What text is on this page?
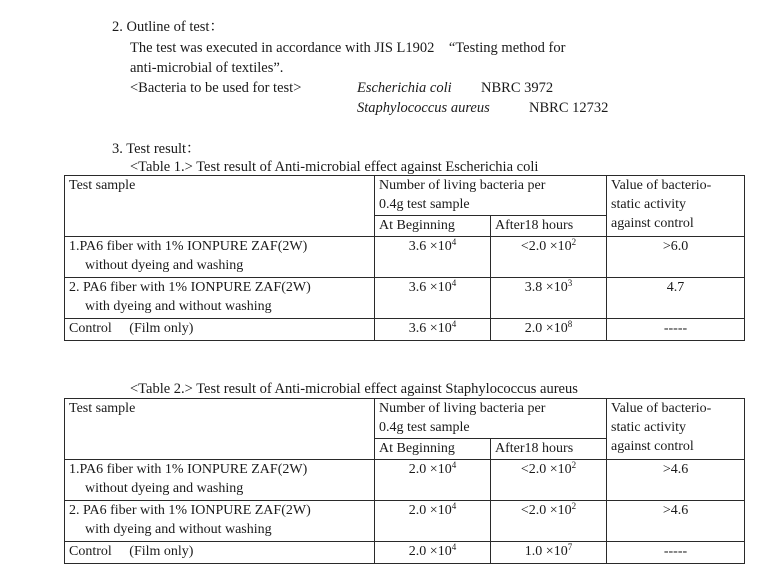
2. Outline of test：
The test was executed in accordance with JIS L1902　“Testing method for
anti-microbial of textiles”.
<Bacteria to be used for test>	Escherichia coli NBRC 3972
Staphylococcus aureus	NBRC 12732
3. Test result：
<Table 1.> Test result of Anti-microbial effect against Escherichia coli
Test sample	Number of living bacteria per
0.4g test sample		Value of bacterio-
static activity
against control

	At Beginning	After18 hours	

1.PA6 fiber with 1% IONPURE ZAF(2W)
without dyeing and washing	$3.6 \times 10^4$	$<2.0 \times 10^2$	>6.0

2. PA6 fiber with 1% IONPURE ZAF(2W)
with dyeing and without washing	$3.6 \times 10^4$	$3.8 \times 10^3$	4.7
Control　 (Film only)	$3.6 \times 10^4$	$2.0 \times 10^8$	-----
<Table 2.> Test result of Anti-microbial effect against Staphylococcus aureus
Test sample	Number of living bacteria per
0.4g test sample		Value of bacterio-
static activity
against control

	At Beginning	After18 hours	

1.PA6 fiber with 1% IONPURE ZAF(2W)
without dyeing and washing	$2.0 \times 10^4$	$<2.0 \times 10^2$	>4.6

2. PA6 fiber with 1% IONPURE ZAF(2W)
with dyeing and without washing	$2.0 \times 10^4$	$<2.0 \times 10^2$	>4.6
Control　 (Film only)	$2.0 \times 10^4$	$1.0 \times 10^7$	-----
